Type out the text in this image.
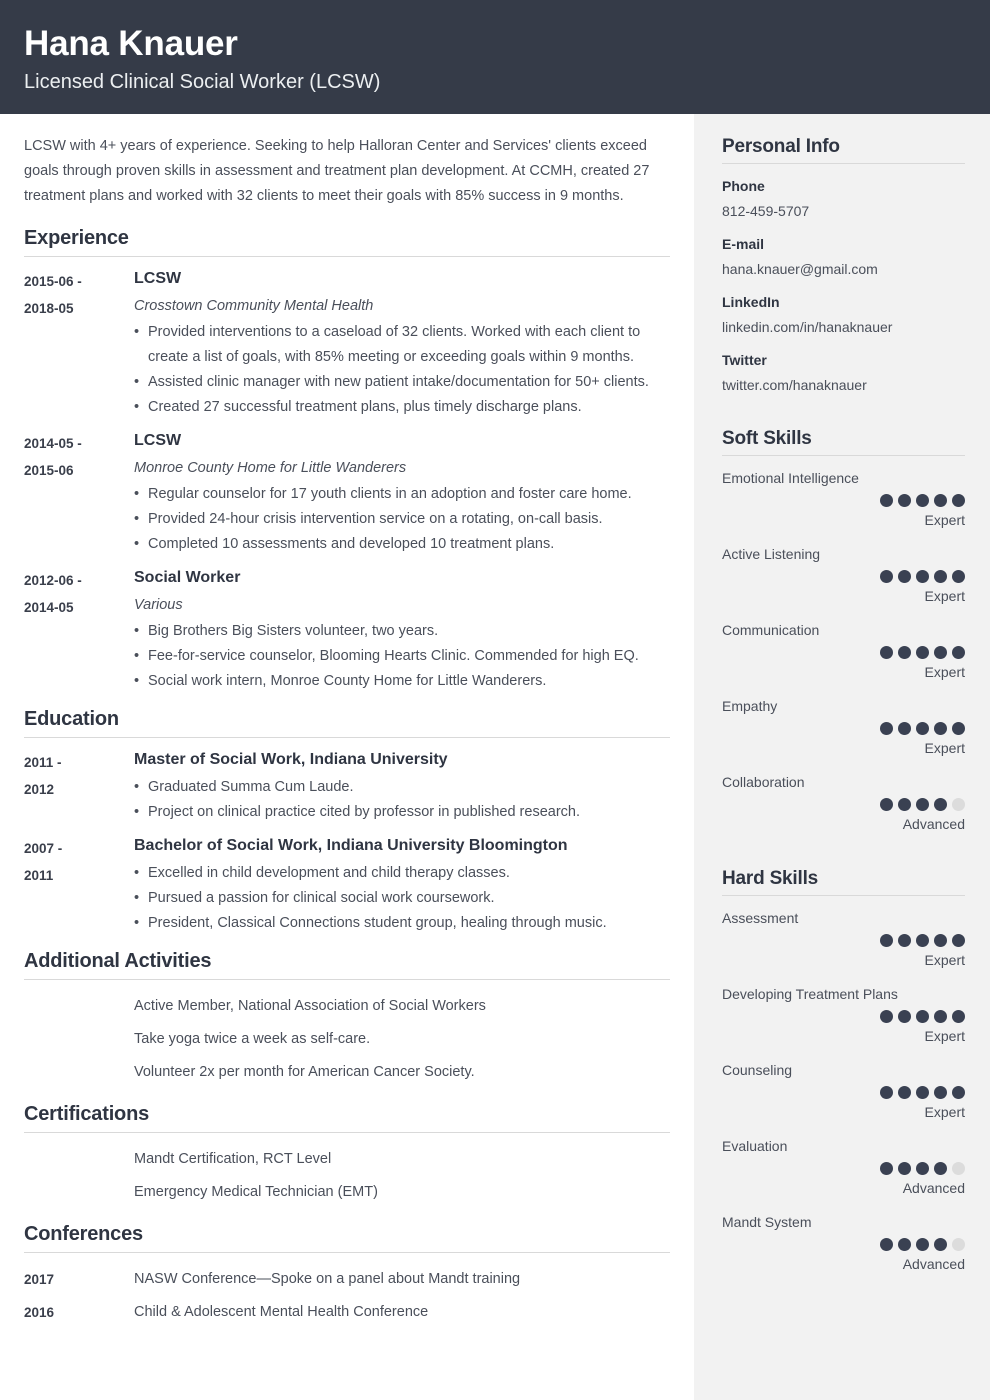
Hana Knauer
Licensed Clinical Social Worker (LCSW)
LCSW with 4+ years of experience. Seeking to help Halloran Center and Services' clients exceed goals through proven skills in assessment and treatment plan development. At CCMH, created 27 treatment plans and worked with 32 clients to meet their goals with 85% success in 9 months.
Experience
2015-06 -
2018-05
LCSW
Crosstown Community Mental Health
• Provided interventions to a caseload of 32 clients. Worked with each client to create a list of goals, with 85% meeting or exceeding goals within 9 months.
• Assisted clinic manager with new patient intake/documentation for 50+ clients.
• Created 27 successful treatment plans, plus timely discharge plans.
2014-05 -
2015-06
LCSW
Monroe County Home for Little Wanderers
• Regular counselor for 17 youth clients in an adoption and foster care home.
• Provided 24-hour crisis intervention service on a rotating, on-call basis.
• Completed 10 assessments and developed 10 treatment plans.
2012-06 -
2014-05
Social Worker
Various
• Big Brothers Big Sisters volunteer, two years.
• Fee-for-service counselor, Blooming Hearts Clinic. Commended for high EQ.
• Social work intern, Monroe County Home for Little Wanderers.
Education
2011 -
2012
Master of Social Work, Indiana University
• Graduated Summa Cum Laude.
• Project on clinical practice cited by professor in published research.
2007 -
2011
Bachelor of Social Work, Indiana University Bloomington
• Excelled in child development and child therapy classes.
• Pursued a passion for clinical social work coursework.
• President, Classical Connections student group, healing through music.
Additional Activities
Active Member, National Association of Social Workers
Take yoga twice a week as self-care.
Volunteer 2x per month for American Cancer Society.
Certifications
Mandt Certification, RCT Level
Emergency Medical Technician (EMT)
Conferences
2017	NASW Conference—Spoke on a panel about Mandt training
2016	Child & Adolescent Mental Health Conference
Personal Info
Phone
812-459-5707
E-mail
hana.knauer@gmail.com
LinkedIn
linkedin.com/in/hanaknauer
Twitter
twitter.com/hanaknauer
Soft Skills
Emotional Intelligence
Expert
Active Listening
Expert
Communication
Expert
Empathy
Expert
Collaboration
Advanced
Hard Skills
Assessment
Expert
Developing Treatment Plans
Expert
Counseling
Expert
Evaluation
Advanced
Mandt System
Advanced
